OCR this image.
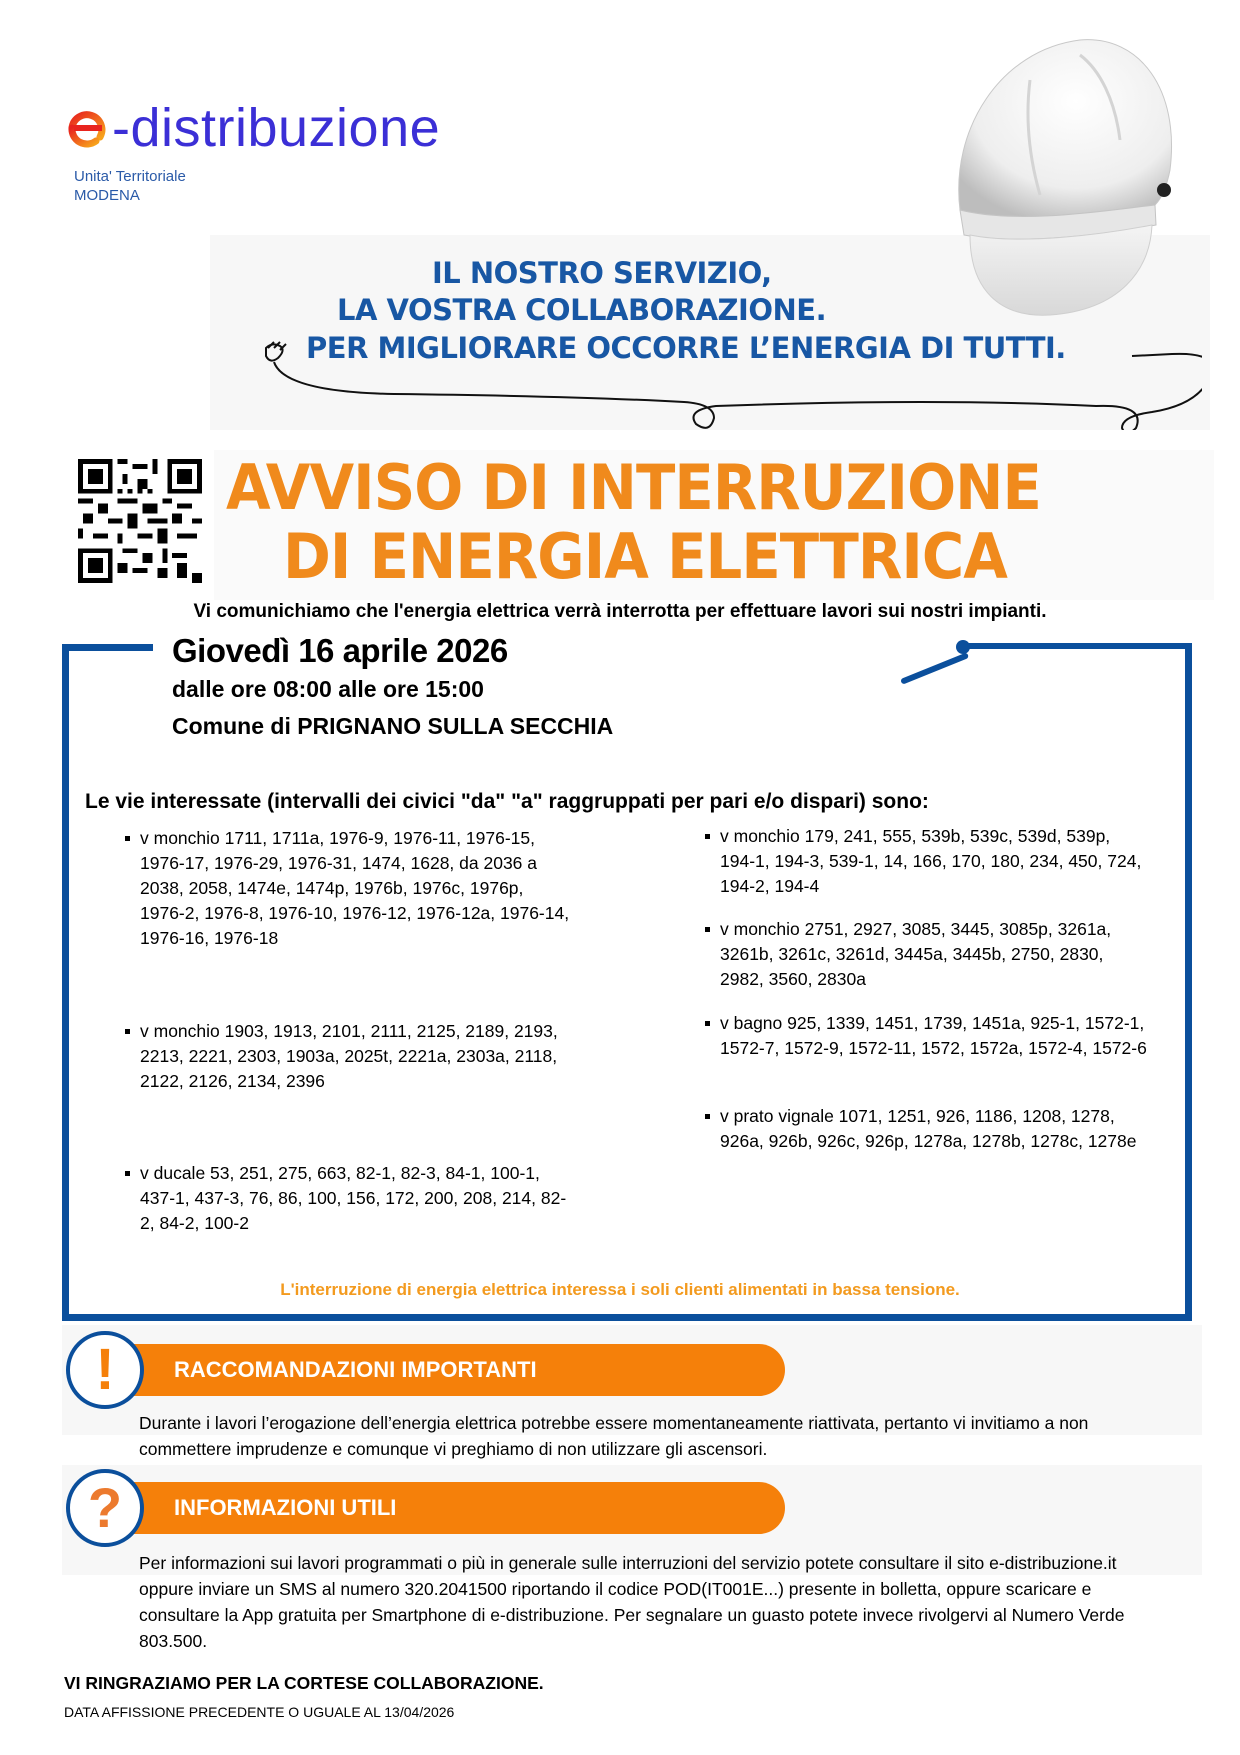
-distribuzione
Unita' Territoriale
MODENA
IL NOSTRO SERVIZIO,
LA VOSTRA COLLABORAZIONE.
PER MIGLIORARE OCCORRE L’ENERGIA DI TUTTI.
AVVISO DI INTERRUZIONE
DI ENERGIA ELETTRICA
Vi comunichiamo che l'energia elettrica verrà interrotta per effettuare lavori sui nostri impianti.
Giovedì 16 aprile 2026
dalle ore 08:00 alle ore 15:00
Comune di PRIGNANO SULLA SECCHIA
Le vie interessate (intervalli dei civici "da" "a" raggruppati per pari e/o dispari) sono:
v monchio 1711, 1711a, 1976-9, 1976-11, 1976-15, 1976-17, 1976-29, 1976-31, 1474, 1628, da 2036 a 2038, 2058, 1474e, 1474p, 1976b, 1976c, 1976p, 1976-2, 1976-8, 1976-10, 1976-12, 1976-12a, 1976-14, 1976-16, 1976-18
v monchio 1903, 1913, 2101, 2111, 2125, 2189, 2193, 2213, 2221, 2303, 1903a, 2025t, 2221a, 2303a, 2118, 2122, 2126, 2134, 2396
v ducale 53, 251, 275, 663, 82-1, 82-3, 84-1, 100-1, 437-1, 437-3, 76, 86, 100, 156, 172, 200, 208, 214, 82-2, 84-2, 100-2
v monchio 179, 241, 555, 539b, 539c, 539d, 539p, 194-1, 194-3, 539-1, 14, 166, 170, 180, 234, 450, 724, 194-2, 194-4
v monchio 2751, 2927, 3085, 3445, 3085p, 3261a, 3261b, 3261c, 3261d, 3445a, 3445b, 2750, 2830, 2982, 3560, 2830a
v bagno 925, 1339, 1451, 1739, 1451a, 925-1, 1572-1, 1572-7, 1572-9, 1572-11, 1572, 1572a, 1572-4, 1572-6
v prato vignale 1071, 1251, 926, 1186, 1208, 1278, 926a, 926b, 926c, 926p, 1278a, 1278b, 1278c, 1278e
L'interruzione di energia elettrica interessa i soli clienti alimentati in bassa tensione.
RACCOMANDAZIONI IMPORTANTI
!
Durante i lavori l’erogazione dell’energia elettrica potrebbe essere momentaneamente riattivata, pertanto vi invitiamo a non commettere imprudenze e comunque vi preghiamo di non utilizzare gli ascensori.
INFORMAZIONI UTILI
?
Per informazioni sui lavori programmati o più in generale sulle interruzioni del servizio potete consultare il sito e-distribuzione.it oppure inviare un SMS al numero 320.2041500 riportando il codice POD(IT001E...) presente in bolletta, oppure scaricare e consultare la App gratuita per Smartphone di e-distribuzione. Per segnalare un guasto potete invece rivolgervi al Numero Verde 803.500.
VI RINGRAZIAMO PER LA CORTESE COLLABORAZIONE.
DATA AFFISSIONE PRECEDENTE O UGUALE AL 13/04/2026
